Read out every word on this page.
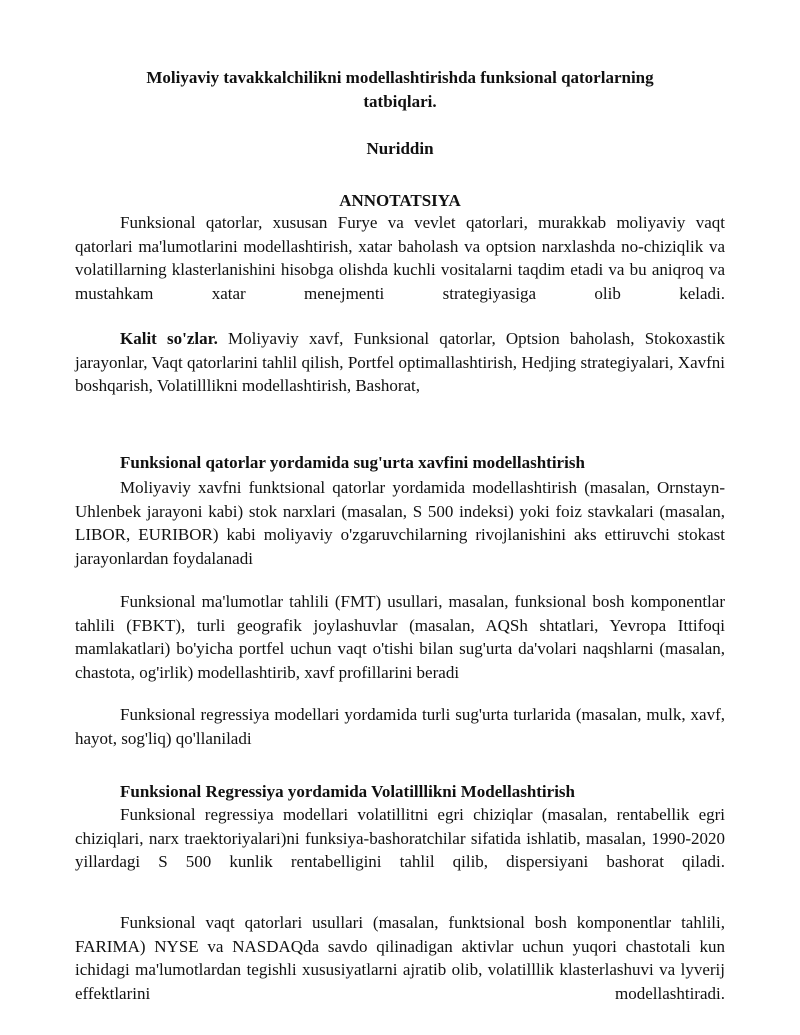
Moliyaviy tavakkalchilikni modellashtirishda funksional qatorlarning tatbiqlari.
Nuriddin
ANNOTATSIYA

Funksional qatorlar, xususan Furye va vevlet qatorlari, murakkab moliyaviy vaqt qatorlari ma'lumotlarini modellashtirish, xatar baholash va optsion narxlashda no-chiziqlik va volatillarning klasterlanishini hisobga olishda kuchli vositalarni taqdim etadi va bu aniqroq va mustahkam xatar menejmenti strategiyasiga olib keladi.

Kalit so'zlar. Moliyaviy xavf, Funksional qatorlar, Optsion baholash, Stokoxastik jarayonlar, Vaqt qatorlarini tahlil qilish, Portfel optimallashtirish, Hedjing strategiyalari, Xavfni boshqarish, Volatilllikni modellashtirish, Bashorat,

Funksional qatorlar yordamida sug'urta xavfini modellashtirish

Moliyaviy xavfni funktsional qatorlar yordamida modellashtirish (masalan, Ornstayn-Uhlenbek jarayoni kabi) stok narxlari (masalan, S 500 indeksi) yoki foiz stavkalari (masalan, LIBOR, EURIBOR) kabi moliyaviy o'zgaruvchilarning rivojlanishini aks ettiruvchi stokast jarayonlardan foydalanadi

Funksional ma'lumotlar tahlili (FMT) usullari, masalan, funksional bosh komponentlar tahlili (FBKT), turli geografik joylashuvlar (masalan, AQSh shtatlari, Yevropa Ittifoqi mamlakatlari) bo'yicha portfel uchun vaqt o'tishi bilan sug'urta da'volari naqshlarni (masalan, chastota, og'irlik) modellashtirib, xavf profillarini beradi

Funksional regressiya modellari yordamida turli sug'urta turlarida (masalan, mulk, xavf, hayot, sog'liq) qo'llaniladi

Funksional Regressiya yordamida Volatilllikni Modellashtirish

Funksional regressiya modellari volatillitni egri chiziqlar (masalan, rentabellik egri chiziqlari, narx traektoriyalari)ni funksiya-bashoratchilar sifatida ishlatib, masalan, 1990-2020 yillardagi S 500 kunlik rentabelligini tahlil qilib, dispersiyani bashorat qiladi.

Funksional vaqt qatorlari usullari (masalan, funktsional bosh komponentlar tahlili, FARIMA) NYSE va NASDAQda savdo qilinadigan aktivlar uchun yuqori chastotali kun ichidagi ma'lumotlardan tegishli xususiyatlarni ajratib olib, volatilllik klasterlashuvi va lyverij effektlarini modellashtiradi.
